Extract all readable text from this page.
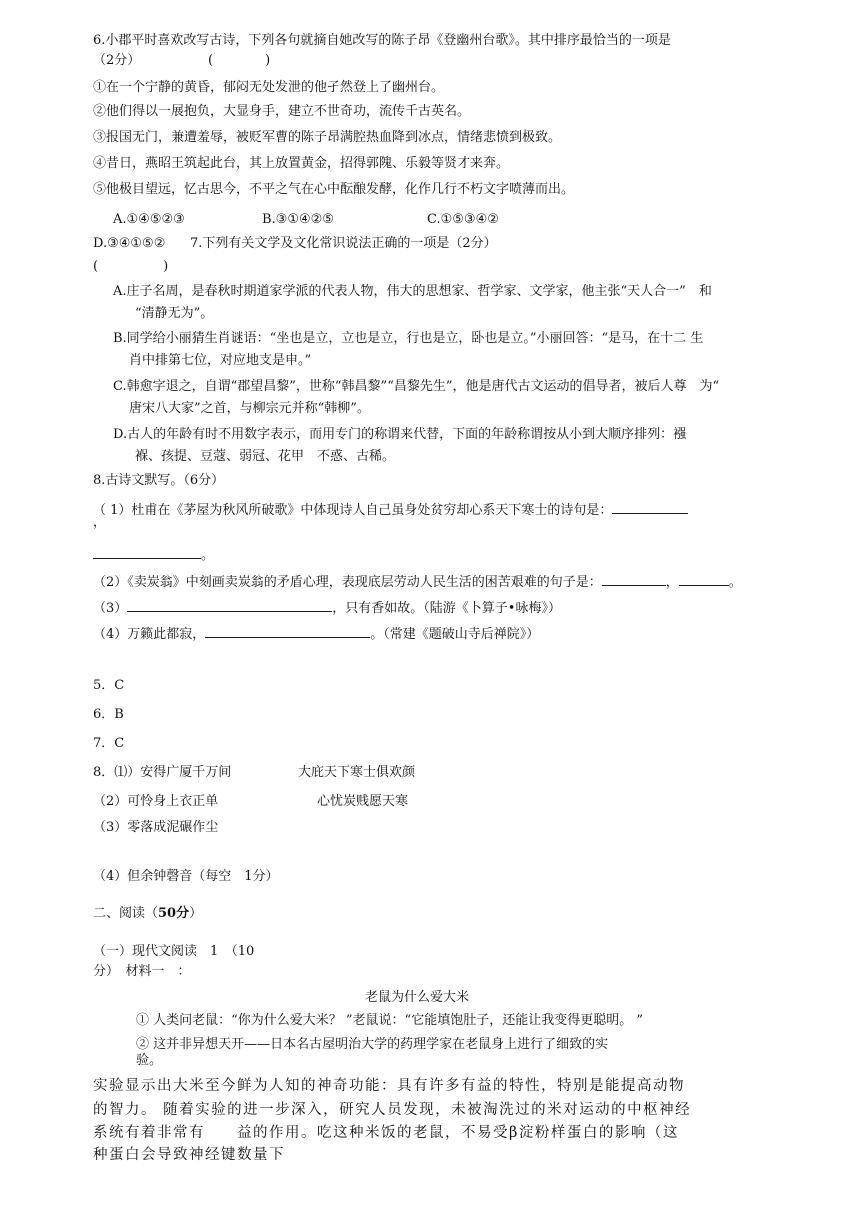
6.小郡平时喜欢改写古诗，下列各句就摘自她改写的陈子昂《登幽州台歌》。其中排序最恰当的一项是
（2分）	(　　　　)
①在一个宁静的黄昏，郁闷无处发泄的他孑然登上了幽州台。
②他们得以一展抱负，大显身手，建立不世奇功，流传千古英名。
③报国无门，兼遭羞辱，被贬军曹的陈子昂满腔热血降到冰点，情绪悲愤到极致。
④昔日，燕昭王筑起此台，其上放置黄金，招得郭隗、乐毅等贤才来奔。
⑤他极目望远，忆古思今，不平之气在心中酝酿发酵，化作几行不朽文字喷薄而出。
A.①④⑤②③	B.③①④②⑤	C.①⑤③④②
D.③④①⑤② 7.下列有关文学及文化常识说法正确的一项是（2分）
(　　　　　)
A.庄子名周，是春秋时期道家学派的代表人物，伟大的思想家、哲学家、文学家，他主张“天人合一”　和
“清静无为”。
B.同学给小丽猜生肖谜语：“坐也是立，立也是立，行也是立，卧也是立。”小丽回答：“是马，在十二 生
肖中排第七位，对应地支是申。”
C.韩愈字退之，自谓“郡望昌黎”，世称“韩昌黎”“昌黎先生”，他是唐代古文运动的倡导者，被后人尊　为“
唐宋八大家”之首，与柳宗元并称“韩柳”。
D.古人的年龄有时不用数字表示，而用专门的称谓来代替，下面的年龄称谓按从小到大顺序排列：襁
褓、孩提、豆蔻、弱冠、花甲　不惑、古稀。
8.古诗文默写。（6分）
（ 1）杜甫在《茅屋为秋风所破歌》中体现诗人自己虽身处贫穷却心系天下寒士的诗句是：
，
。
（2）《卖炭翁》中刻画卖炭翁的矛盾心理，表现底层劳动人民生活的困苦艰难的句子是：	，	。
（3）	，只有香如故。（陆游《卜算子•咏梅》）
（4）万籁此都寂，	。（常建《题破山寺后禅院》）
5．C
6．B
7．C
8．⑴）安得广厦千万间	大庇天下寒士俱欢颜
（2）可怜身上衣正单	心忧炭贱愿天寒
（3）零落成泥碾作尘
（4）但余钟磬音（每空　1分）
二、阅读（50分）
（一）现代文阅读　1　（10
分）　材料一　：
老鼠为什么爱大米
① 人类问老鼠：“你为什么爱大米？ ”老鼠说：“它能填饱肚子，还能让我变得更聪明。 ”
② 这并非异想天开——日本名古屋明治大学的药理学家在老鼠身上进行了细致的实
验。
实验显示出大米至今鲜为人知的神奇功能：具有许多有益的特性，特别是能提高动物
的智力。 随着实验的进一步深入，研究人员发现，未被淘洗过的米对运动的中枢神经
系统有着非常有　　益的作用。吃这种米饭的老鼠，不易受β淀粉样蛋白的影响（这
种蛋白会导致神经键数量下
